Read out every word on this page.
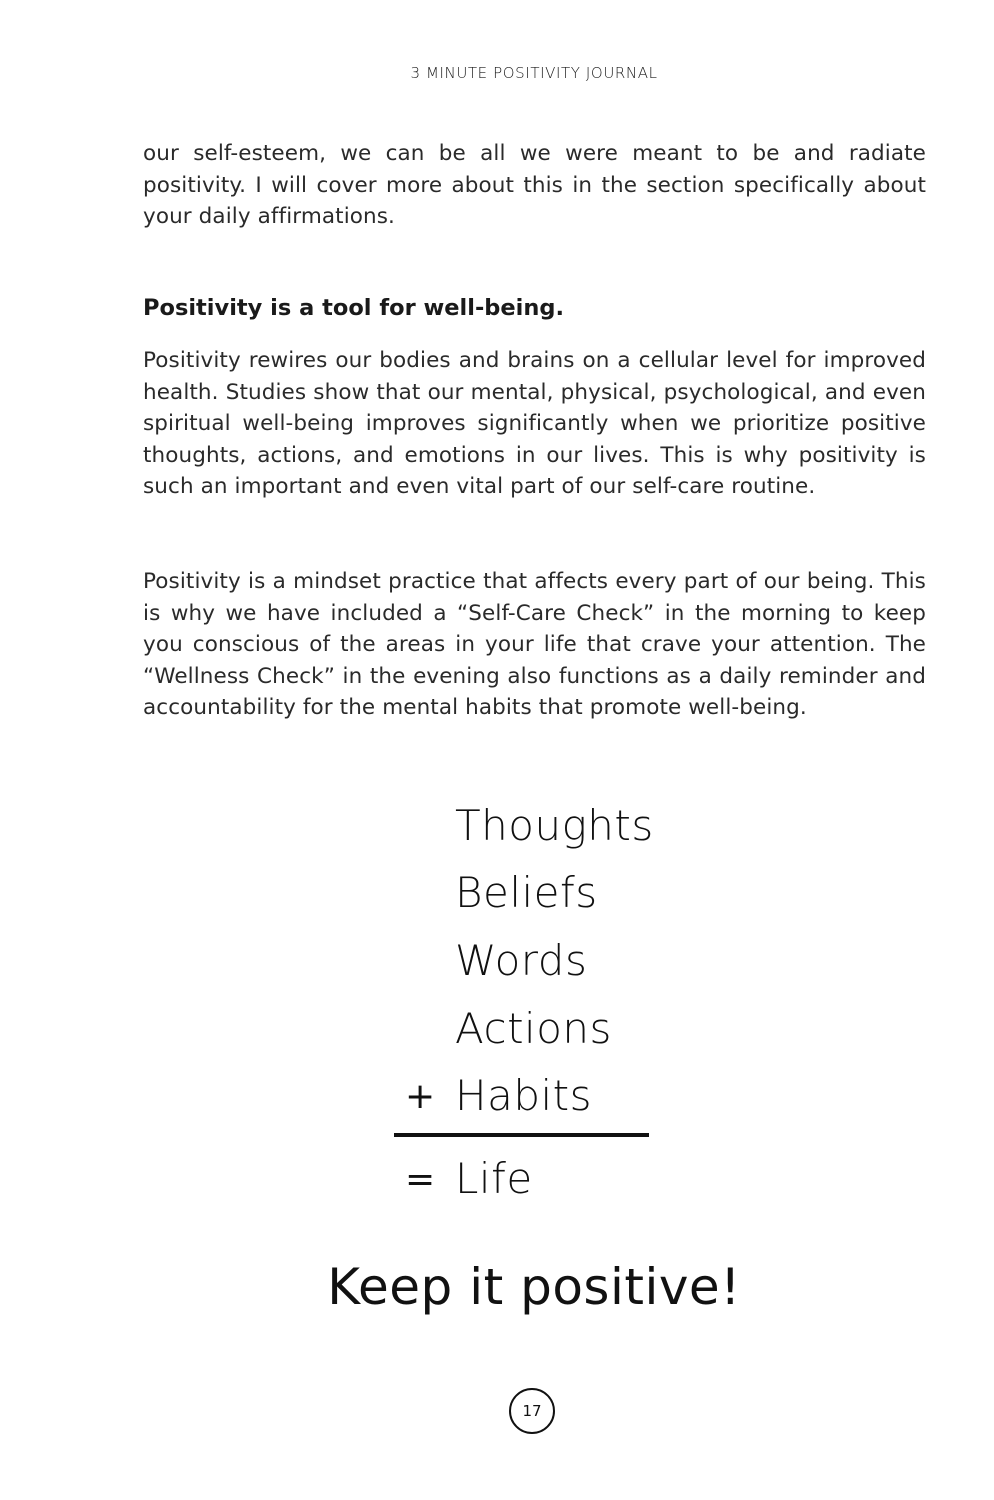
3 MINUTE POSITIVITY JOURNAL

our self-esteem, we can be all we were meant to be and radiate positivity. I will cover more about this in the section specifically about your daily affirmations.

Positivity is a tool for well-being.

Positivity rewires our bodies and brains on a cellular level for improved health. Studies show that our mental, physical, psychological, and even spiritual well-being improves significantly when we prioritize positive thoughts, actions, and emotions in our lives. This is why positivity is such an important and even vital part of our self-care routine.

Positivity is a mindset practice that affects every part of our being. This is why we have included a “Self-Care Check” in the morning to keep you conscious of the areas in your life that crave your attention. The “Wellness Check” in the evening also functions as a daily reminder and accountability for the mental habits that promote well-being.

Thoughts
Beliefs
Words
Actions
+ Habits
= Life
Keep it positive!
17
